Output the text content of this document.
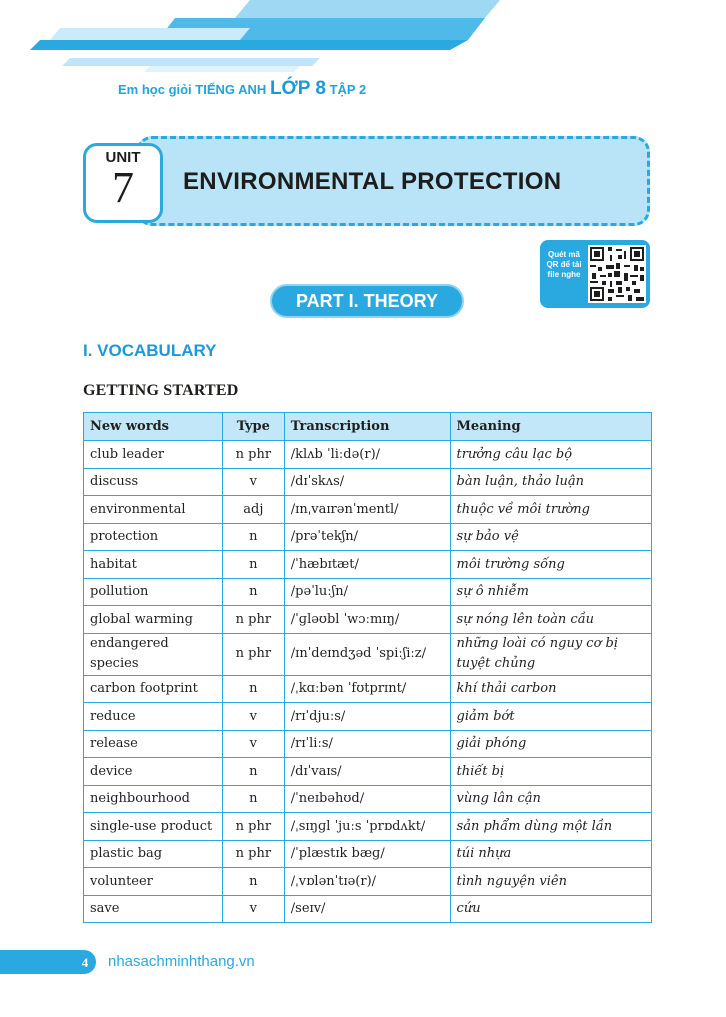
Em học giỏi TIẾNG ANH LỚP 8 TẬP 2
ENVIRONMENTAL PROTECTION
UNIT
7
Quét mã QR để tải file nghe
PART I. THEORY
I. VOCABULARY
GETTING STARTED
New words	Type	Transcription	Meaning
club leader	n phr	/klʌb ˈliːdə(r)/	trưởng câu lạc bộ
discuss	v	/dɪˈskʌs/	bàn luận, thảo luận
environmental	adj	/ɪnˌvaɪrənˈmentl/	thuộc về môi trường
protection	n	/prəˈtekʃn/	sự bảo vệ
habitat	n	/ˈhæbɪtæt/	môi trường sống
pollution	n	/pəˈluːʃn/	sự ô nhiễm
global warming	n phr	/ˈɡləʊbl ˈwɔːmɪŋ/	sự nóng lên toàn cầu
endangered species	n phr	/ɪnˈdeɪndʒəd ˈspiːʃiːz/	những loài có nguy cơ bị tuyệt chủng
carbon footprint	n	/ˌkɑːbən ˈfʊtprɪnt/	khí thải carbon
reduce	v	/rɪˈdjuːs/	giảm bớt
release	v	/rɪˈliːs/	giải phóng
device	n	/dɪˈvaɪs/	thiết bị
neighbourhood	n	/ˈneɪbəhʊd/	vùng lân cận
single-use product	n phr	/ˌsɪŋɡl ˈjuːs ˈprɒdʌkt/	sản phẩm dùng một lần
plastic bag	n phr	/ˈplæstɪk bæɡ/	túi nhựa
volunteer	n	/ˌvɒlənˈtɪə(r)/	tình nguyện viên
save	v	/seɪv/	cứu
4	nhasachminhthang.vn
